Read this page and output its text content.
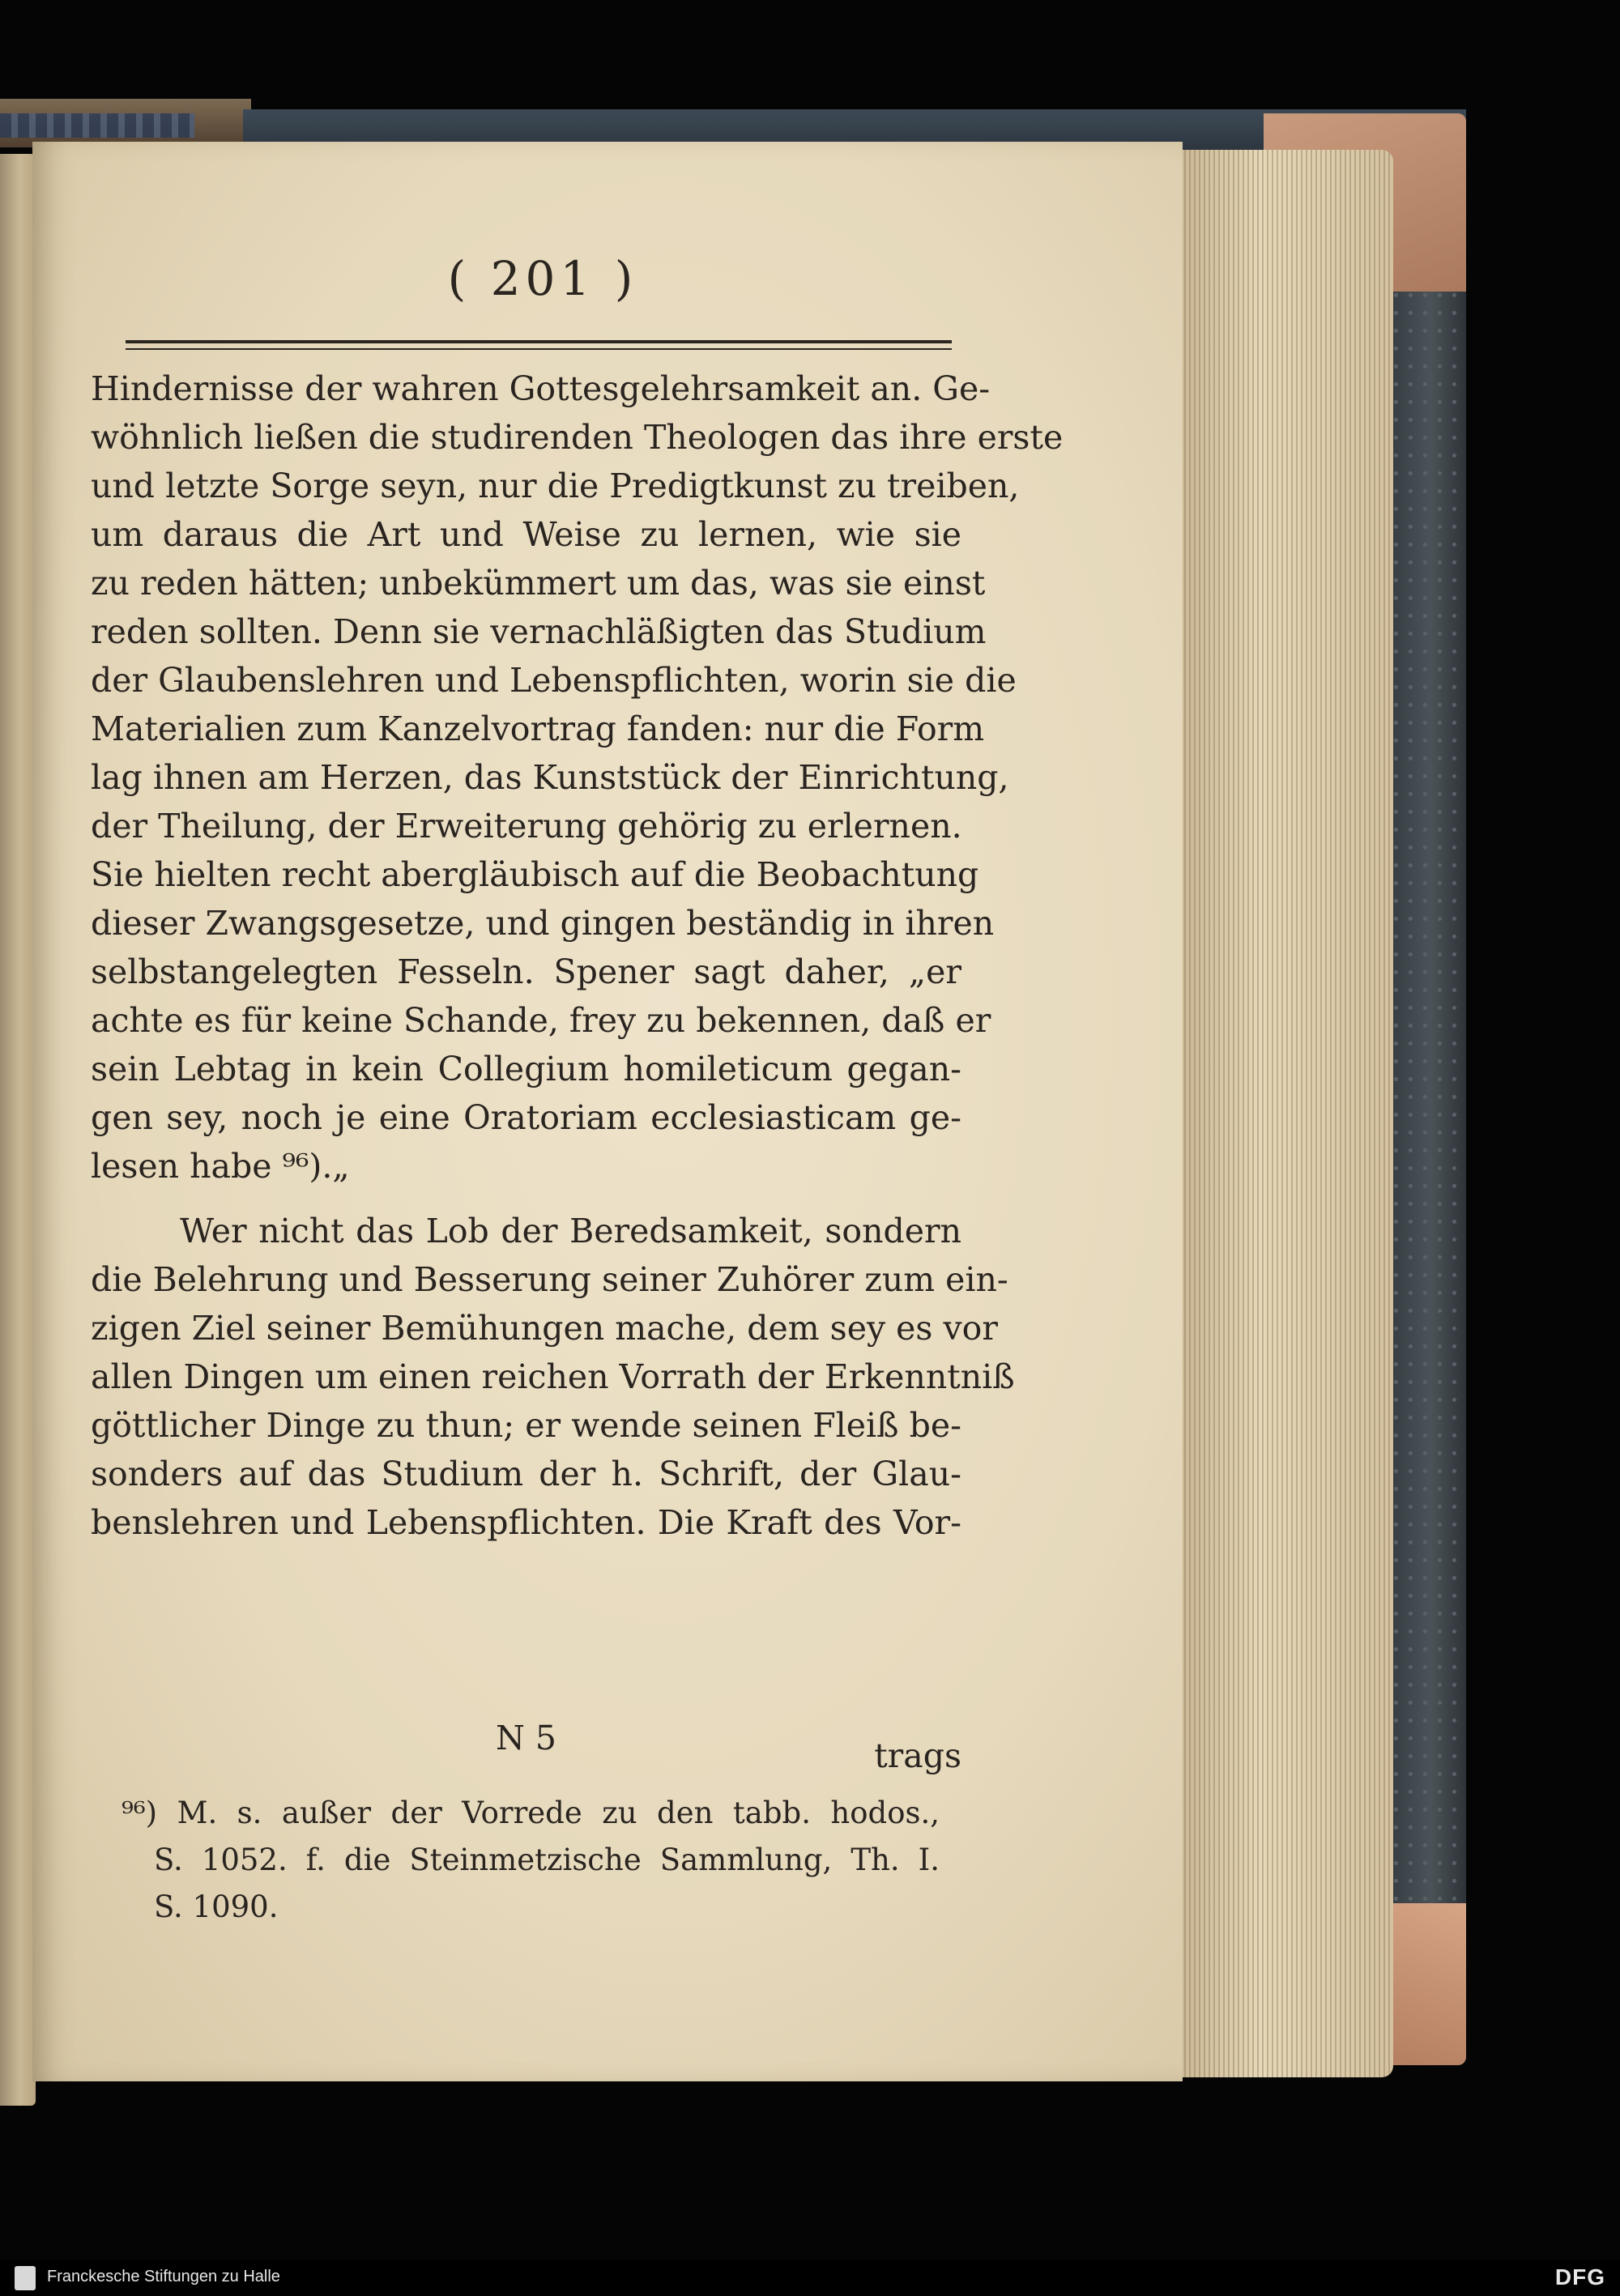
( 201 )
Hindernisse der wahren Gottesgelehrsamkeit an. Ge-
wöhnlich ließen die studirenden Theologen das ihre erste
und letzte Sorge seyn, nur die Predigtkunst zu treiben,
um daraus die Art und Weise zu lernen, wie sie
zu reden hätten; unbekümmert um das, was sie einst
reden sollten. Denn sie vernachläßigten das Studium
der Glaubenslehren und Lebenspflichten, worin sie die
Materialien zum Kanzelvortrag fanden: nur die Form
lag ihnen am Herzen, das Kunststück der Einrichtung,
der Theilung, der Erweiterung gehörig zu erlernen.
Sie hielten recht abergläubisch auf die Beobachtung
dieser Zwangsgesetze, und gingen beständig in ihren
selbstangelegten Fesseln. Spener sagt daher, „er
achte es für keine Schande, frey zu bekennen, daß er
sein Lebtag in kein Collegium homileticum gegan-
gen sey, noch je eine Oratoriam ecclesiasticam ge-
lesen habe ⁹⁶).„
Wer nicht das Lob der Beredsamkeit, sondern
die Belehrung und Besserung seiner Zuhörer zum ein-
zigen Ziel seiner Bemühungen mache, dem sey es vor
allen Dingen um einen reichen Vorrath der Erkenntniß
göttlicher Dinge zu thun; er wende seinen Fleiß be-
sonders auf das Studium der h. Schrift, der Glau-
benslehren und Lebenspflichten. Die Kraft des Vor-
N 5	trags
⁹⁶) M. s. außer der Vorrede zu den tabb. hodos.,
S. 1052. f. die Steinmetzische Sammlung, Th. I.
S. 1090.
Franckesche Stiftungen zu Halle	DFG
